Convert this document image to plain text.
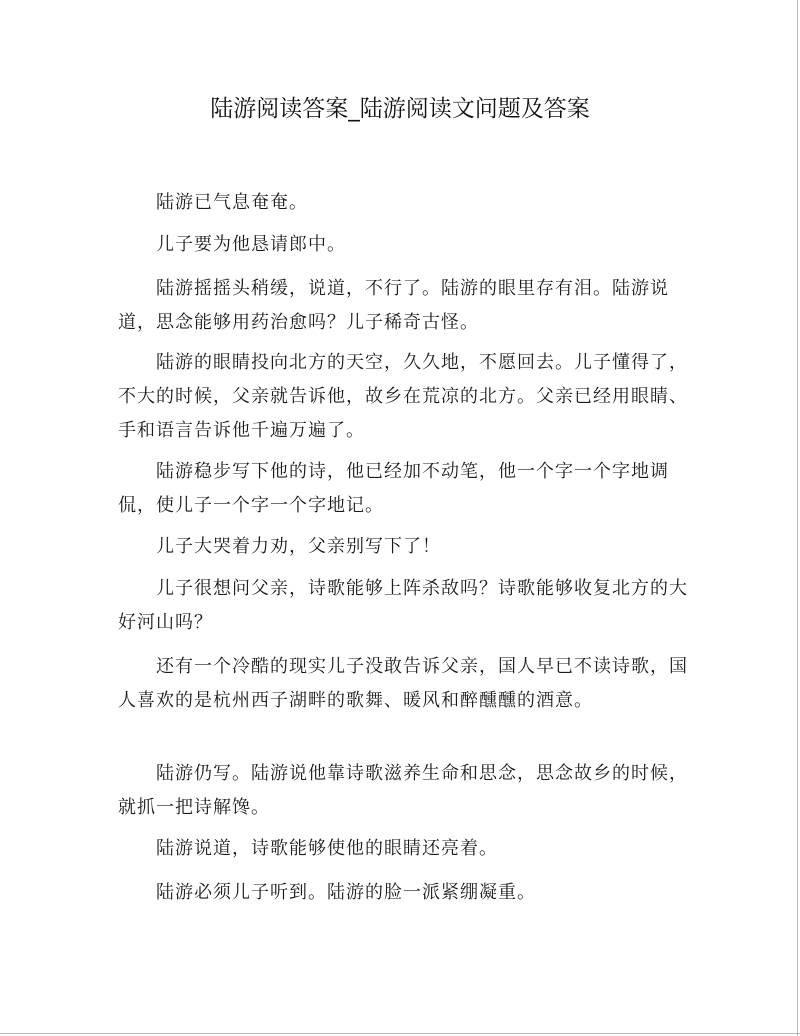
陆游阅读答案_陆游阅读文问题及答案
　　陆游已气息奄奄。
　　儿子要为他恳请郎中。
　　陆游摇摇头稍缓，说道，不行了。陆游的眼里存有泪。陆游说道，思念能够用药治愈吗？儿子稀奇古怪。
　　陆游的眼睛投向北方的天空，久久地，不愿回去。儿子懂得了，不大的时候，父亲就告诉他，故乡在荒凉的北方。父亲已经用眼睛、手和语言告诉他千遍万遍了。
　　陆游稳步写下他的诗，他已经加不动笔，他一个字一个字地调侃，使儿子一个字一个字地记。
　　儿子大哭着力劝，父亲别写下了！
　　儿子很想问父亲，诗歌能够上阵杀敌吗？诗歌能够收复北方的大好河山吗？
　　还有一个冷酷的现实儿子没敢告诉父亲，国人早已不读诗歌，国人喜欢的是杭州西子湖畔的歌舞、暖风和醉醺醺的酒意。
　　陆游仍写。陆游说他靠诗歌滋养生命和思念，思念故乡的时候，就抓一把诗解馋。
　　陆游说道，诗歌能够使他的眼睛还亮着。
　　陆游必须儿子听到。陆游的脸一派紧绷凝重。
